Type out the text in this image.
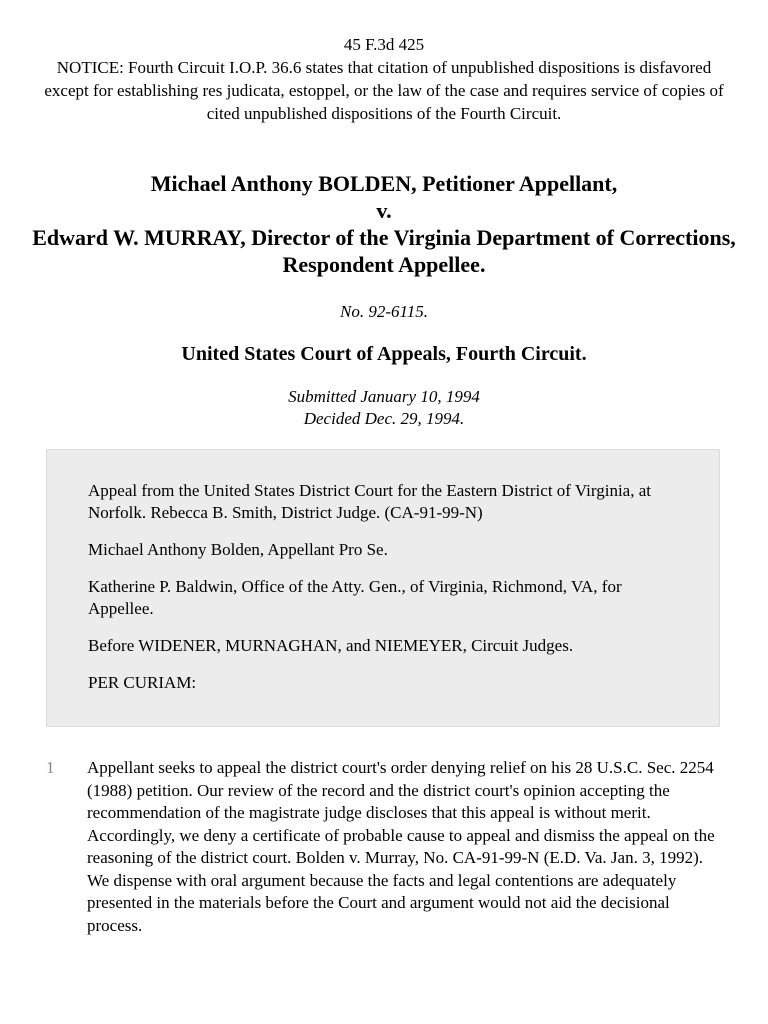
45 F.3d 425
NOTICE: Fourth Circuit I.O.P. 36.6 states that citation of unpublished dispositions is disfavored except for establishing res judicata, estoppel, or the law of the case and requires service of copies of cited unpublished dispositions of the Fourth Circuit.
Michael Anthony BOLDEN, Petitioner Appellant,
v.
Edward W. MURRAY, Director of the Virginia Department of Corrections, Respondent Appellee.
No. 92-6115.
United States Court of Appeals, Fourth Circuit.
Submitted January 10, 1994
Decided Dec. 29, 1994.

Appeal from the United States District Court for the Eastern District of Virginia, at Norfolk. Rebecca B. Smith, District Judge. (CA-91-99-N)

Michael Anthony Bolden, Appellant Pro Se.

Katherine P. Baldwin, Office of the Atty. Gen., of Virginia, Richmond, VA, for Appellee.

Before WIDENER, MURNAGHAN, and NIEMEYER, Circuit Judges.

PER CURIAM:

1 Appellant seeks to appeal the district court's order denying relief on his 28 U.S.C. Sec. 2254 (1988) petition. Our review of the record and the district court's opinion accepting the recommendation of the magistrate judge discloses that this appeal is without merit. Accordingly, we deny a certificate of probable cause to appeal and dismiss the appeal on the reasoning of the district court. Bolden v. Murray, No. CA-91-99-N (E.D. Va. Jan. 3, 1992). We dispense with oral argument because the facts and legal contentions are adequately presented in the materials before the Court and argument would not aid the decisional process.
